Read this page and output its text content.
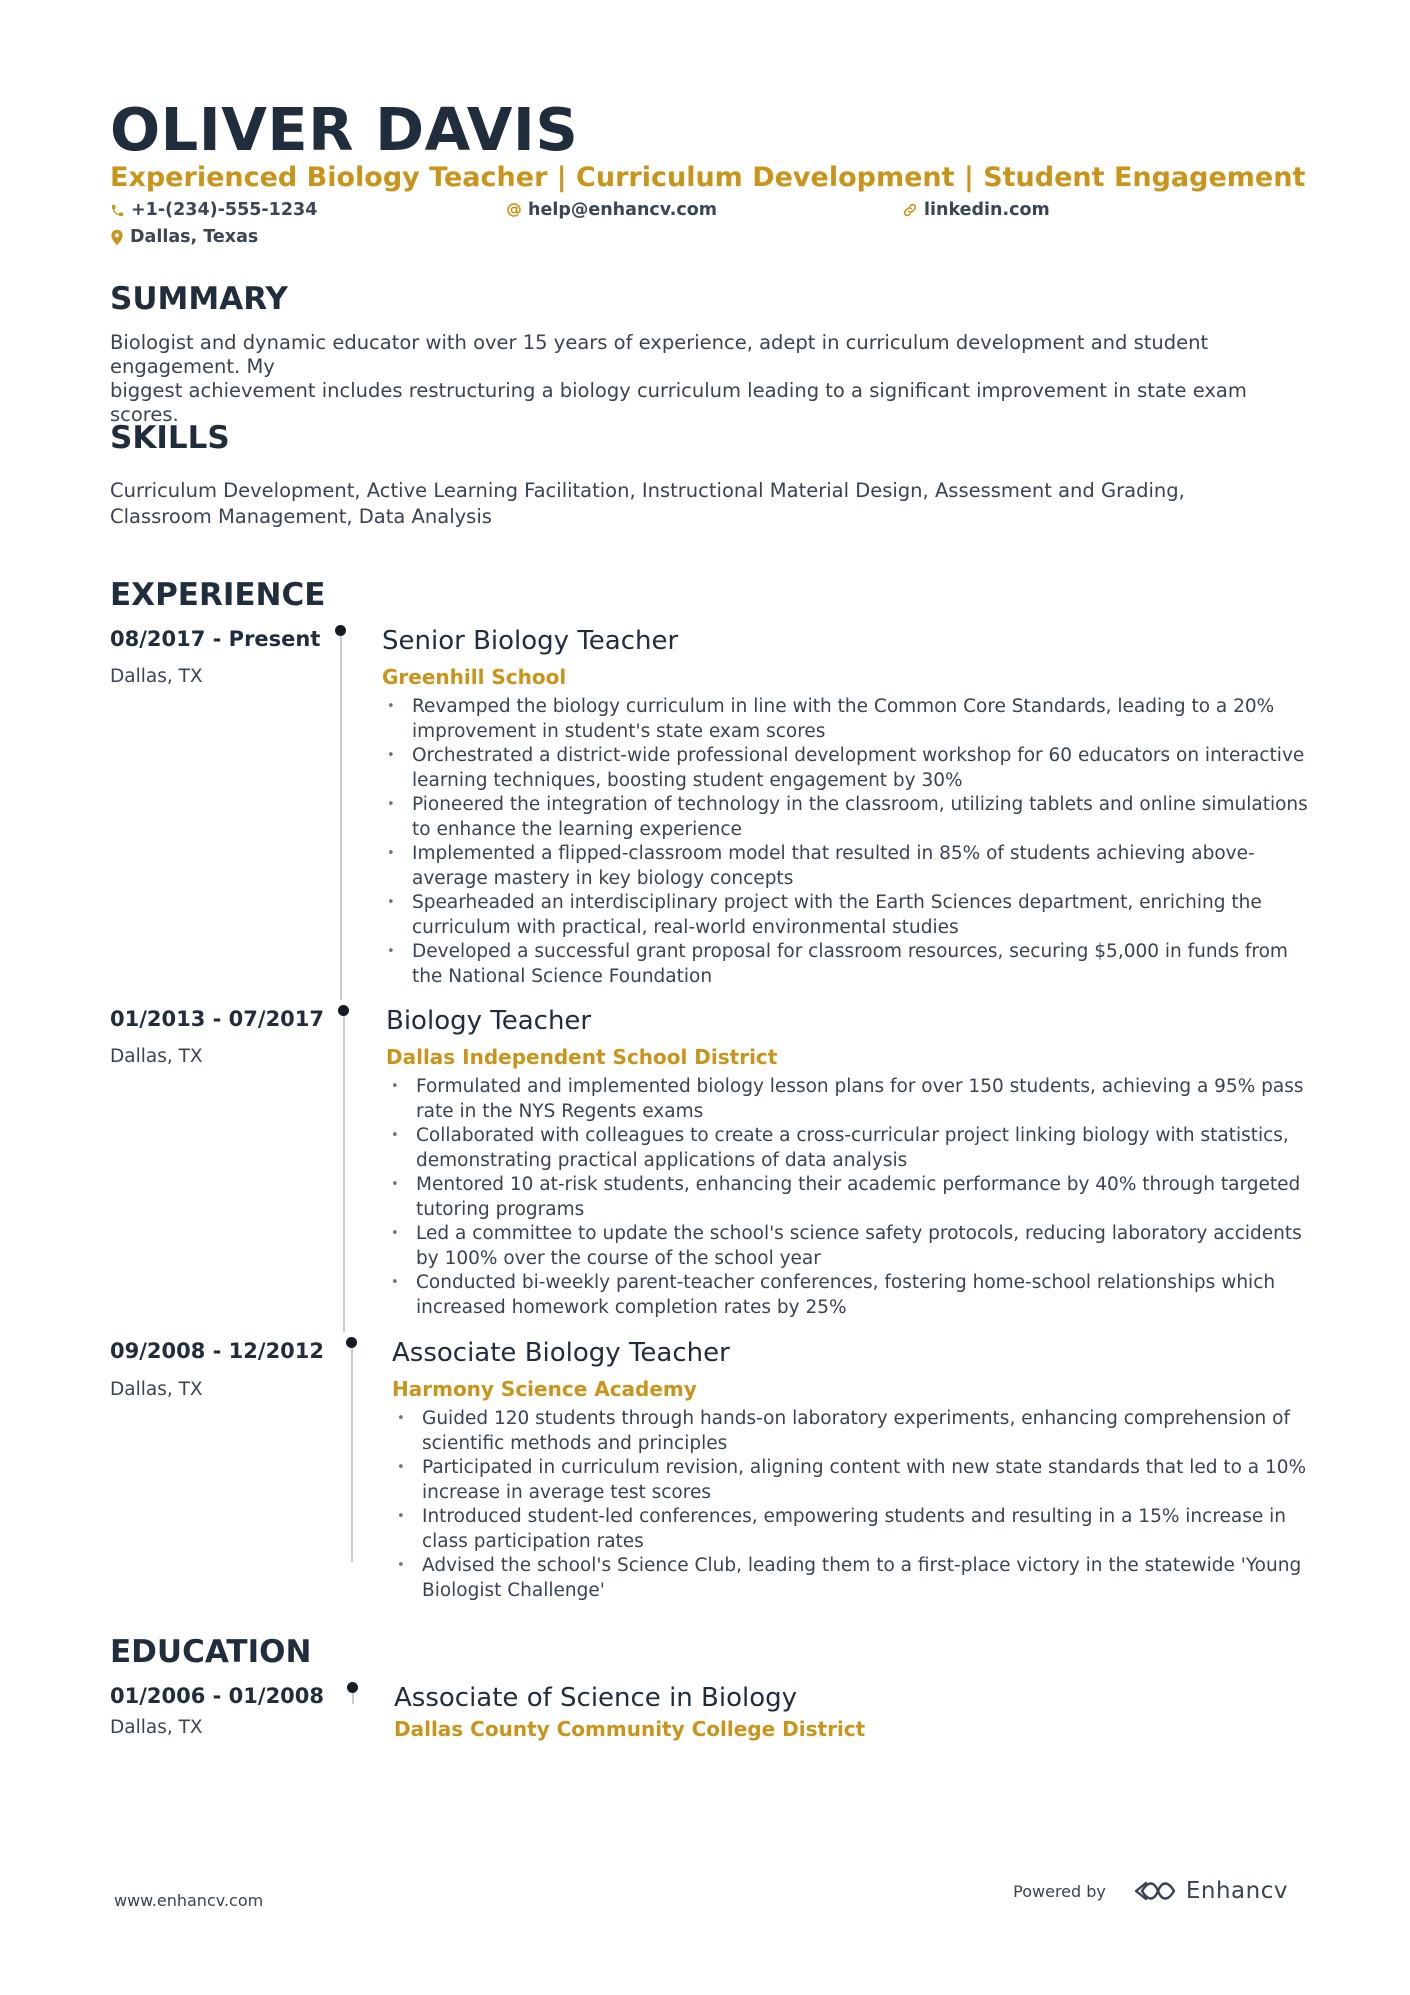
OLIVER DAVIS
Experienced Biology Teacher | Curriculum Development | Student Engagement
+1-(234)-555-1234	help@enhancv.com	linkedin.com
Dallas, Texas
SUMMARY
Biologist and dynamic educator with over 15 years of experience, adept in curriculum development and student engagement. My
biggest achievement includes restructuring a biology curriculum leading to a significant improvement in state exam scores.
SKILLS
Curriculum Development, Active Learning Facilitation, Instructional Material Design, Assessment and Grading,
Classroom Management, Data Analysis
EXPERIENCE
08/2017 - Present
Dallas, TX
Senior Biology Teacher
Greenhill School
• Revamped the biology curriculum in line with the Common Core Standards, leading to a 20%
improvement in student's state exam scores
• Orchestrated a district-wide professional development workshop for 60 educators on interactive
learning techniques, boosting student engagement by 30%
• Pioneered the integration of technology in the classroom, utilizing tablets and online simulations
to enhance the learning experience
• Implemented a flipped-classroom model that resulted in 85% of students achieving above-
average mastery in key biology concepts
• Spearheaded an interdisciplinary project with the Earth Sciences department, enriching the
curriculum with practical, real-world environmental studies
• Developed a successful grant proposal for classroom resources, securing $5,000 in funds from
the National Science Foundation
01/2013 - 07/2017
Dallas, TX
Biology Teacher
Dallas Independent School District
• Formulated and implemented biology lesson plans for over 150 students, achieving a 95% pass
rate in the NYS Regents exams
• Collaborated with colleagues to create a cross-curricular project linking biology with statistics,
demonstrating practical applications of data analysis
• Mentored 10 at-risk students, enhancing their academic performance by 40% through targeted
tutoring programs
• Led a committee to update the school's science safety protocols, reducing laboratory accidents
by 100% over the course of the school year
• Conducted bi-weekly parent-teacher conferences, fostering home-school relationships which
increased homework completion rates by 25%
09/2008 - 12/2012
Dallas, TX
Associate Biology Teacher
Harmony Science Academy
• Guided 120 students through hands-on laboratory experiments, enhancing comprehension of
scientific methods and principles
• Participated in curriculum revision, aligning content with new state standards that led to a 10%
increase in average test scores
• Introduced student-led conferences, empowering students and resulting in a 15% increase in
class participation rates
• Advised the school's Science Club, leading them to a first-place victory in the statewide 'Young
Biologist Challenge'
EDUCATION
01/2006 - 01/2008
Dallas, TX
Associate of Science in Biology
Dallas County Community College District
www.enhancv.com	Powered by	Enhancv
